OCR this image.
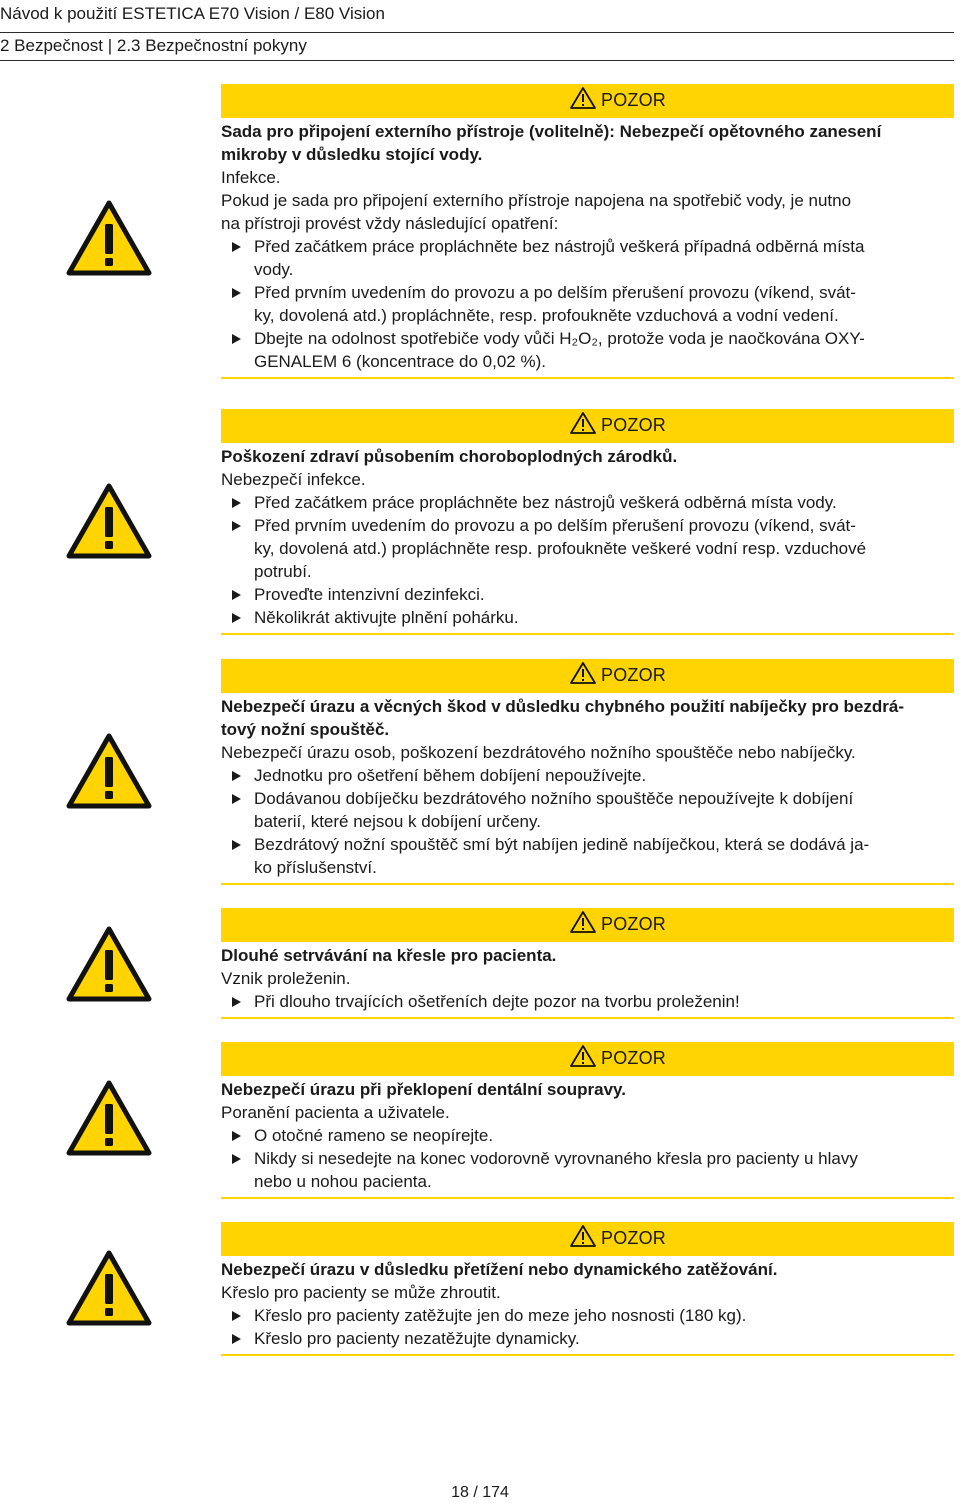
Návod k použití ESTETICA E70 Vision / E80 Vision
2 Bezpečnost | 2.3 Bezpečnostní pokyny
POZOR
Sada pro připojení externího přístroje (volitelně): Nebezpečí opětovného zanesení
mikroby v důsledku stojící vody.
Infekce.
Pokud je sada pro připojení externího přístroje napojena na spotřebič vody, je nutno
na přístroji provést vždy následující opatření:
Před začátkem práce propláchněte bez nástrojů veškerá případná odběrná místa
vody.
Před prvním uvedením do provozu a po delším přerušení provozu (víkend, svát-
ky, dovolená atd.) propláchněte, resp. profoukněte vzduchová a vodní vedení.
Dbejte na odolnost spotřebiče vody vůči H₂O₂, protože voda je naočkována OXY-
GENALEM 6 (koncentrace do 0,02 %).
POZOR
Poškození zdraví působením choroboplodných zárodků.
Nebezpečí infekce.
Před začátkem práce propláchněte bez nástrojů veškerá odběrná místa vody.
Před prvním uvedením do provozu a po delším přerušení provozu (víkend, svát-
ky, dovolená atd.) propláchněte resp. profoukněte veškeré vodní resp. vzduchové
potrubí.
Proveďte intenzivní dezinfekci.
Několikrát aktivujte plnění pohárku.
POZOR
Nebezpečí úrazu a věcných škod v důsledku chybného použití nabíječky pro bezdrá-
tový nožní spouštěč.
Nebezpečí úrazu osob, poškození bezdrátového nožního spouštěče nebo nabíječky.
Jednotku pro ošetření během dobíjení nepoužívejte.
Dodávanou dobíječku bezdrátového nožního spouštěče nepoužívejte k dobíjení
baterií, které nejsou k dobíjení určeny.
Bezdrátový nožní spouštěč smí být nabíjen jedině nabíječkou, která se dodává ja-
ko příslušenství.
POZOR
Dlouhé setrvávání na křesle pro pacienta.
Vznik proleženin.
Při dlouho trvajících ošetřeních dejte pozor na tvorbu proleženin!
POZOR
Nebezpečí úrazu při překlopení dentální soupravy.
Poranění pacienta a uživatele.
O otočné rameno se neopírejte.
Nikdy si nesedejte na konec vodorovně vyrovnaného křesla pro pacienty u hlavy
nebo u nohou pacienta.
POZOR
Nebezpečí úrazu v důsledku přetížení nebo dynamického zatěžování.
Křeslo pro pacienty se může zhroutit.
Křeslo pro pacienty zatěžujte jen do meze jeho nosnosti (180 kg).
Křeslo pro pacienty nezatěžujte dynamicky.
18 / 174
